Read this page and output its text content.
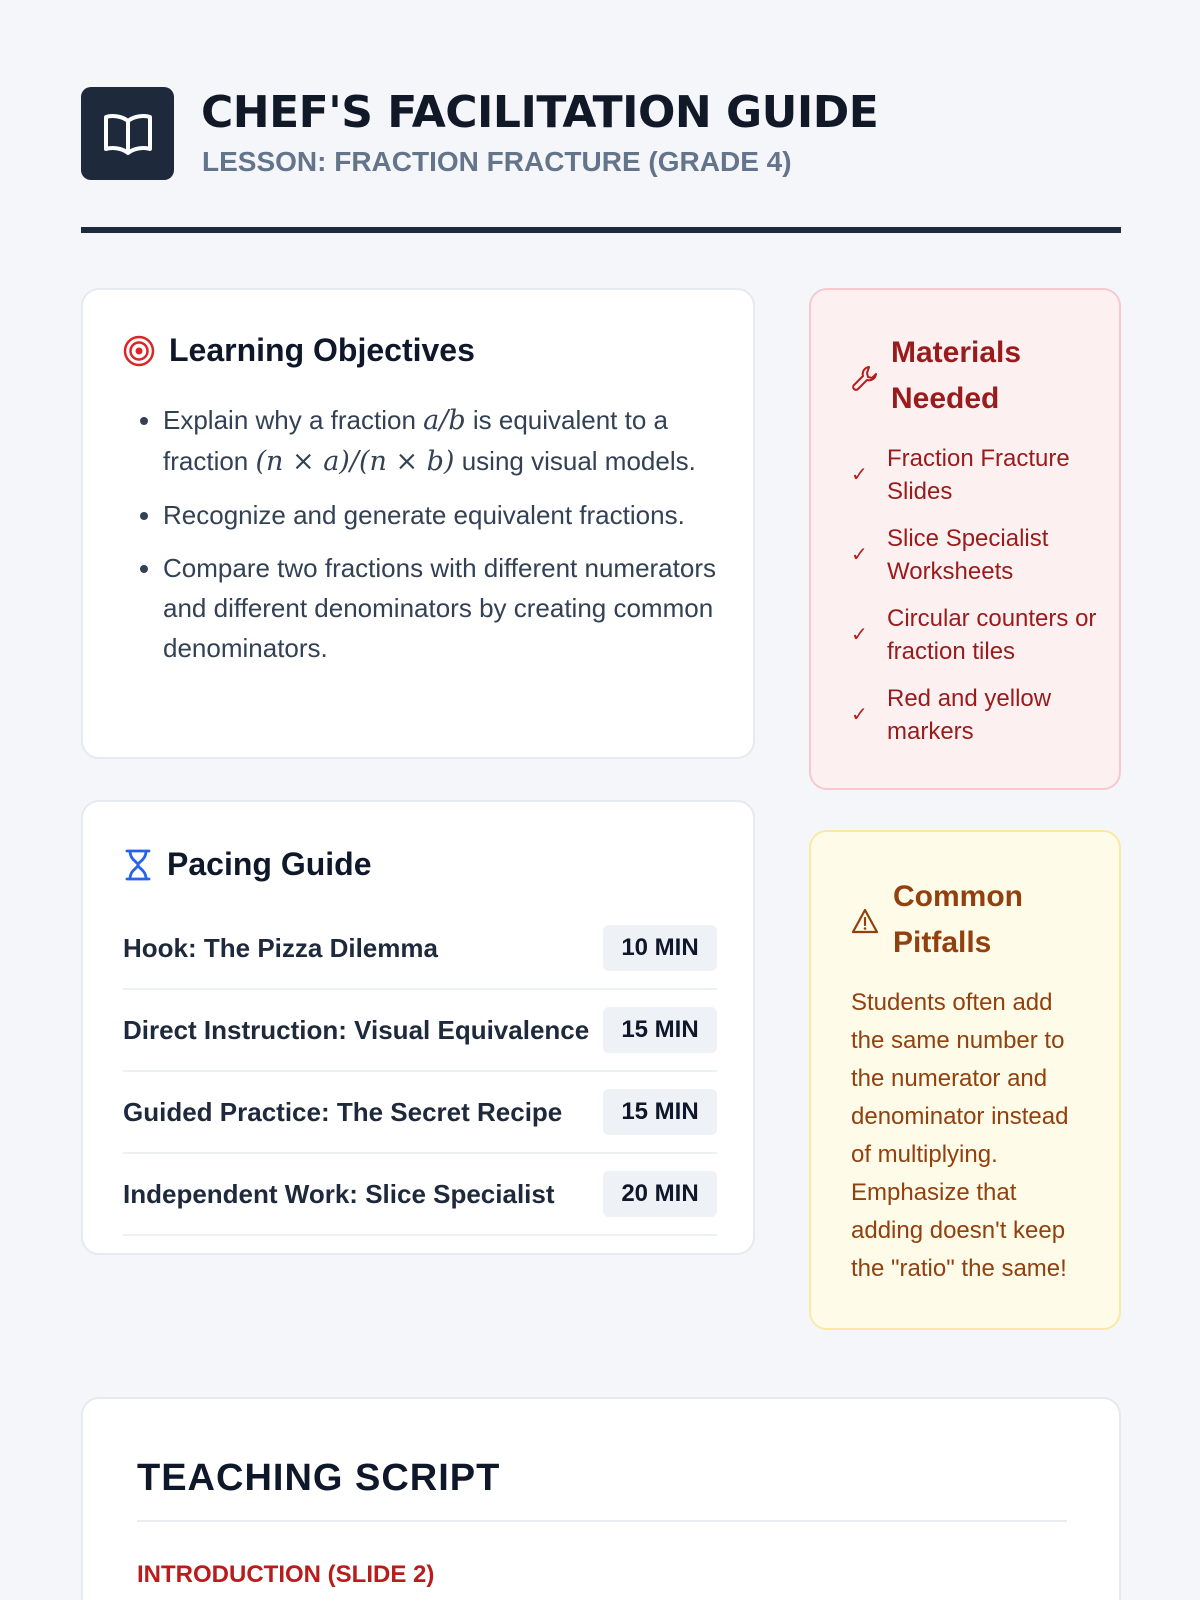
CHEF'S FACILITATION GUIDE
LESSON: FRACTION FRACTURE (GRADE 4)
Learning Objectives
• Explain why a fraction a/b is equivalent to a fraction (n × a)/(n × b) using visual models.
• Recognize and generate equivalent fractions.
• Compare two fractions with different numerators and different denominators by creating common denominators.
Pacing Guide
Hook: The Pizza Dilemma	10 MIN
Direct Instruction: Visual Equivalence	15 MIN
Guided Practice: The Secret Recipe	15 MIN
Independent Work: Slice Specialist	20 MIN
Materials Needed
✓
Fraction Fracture Slides
✓
Slice Specialist Worksheets
✓
Circular counters or fraction tiles
✓
Red and yellow markers
Common Pitfalls
Students often add the same number to the numerator and denominator instead of multiplying. Emphasize that adding doesn't keep the "ratio" the same!
TEACHING SCRIPT
INTRODUCTION (SLIDE 2)
